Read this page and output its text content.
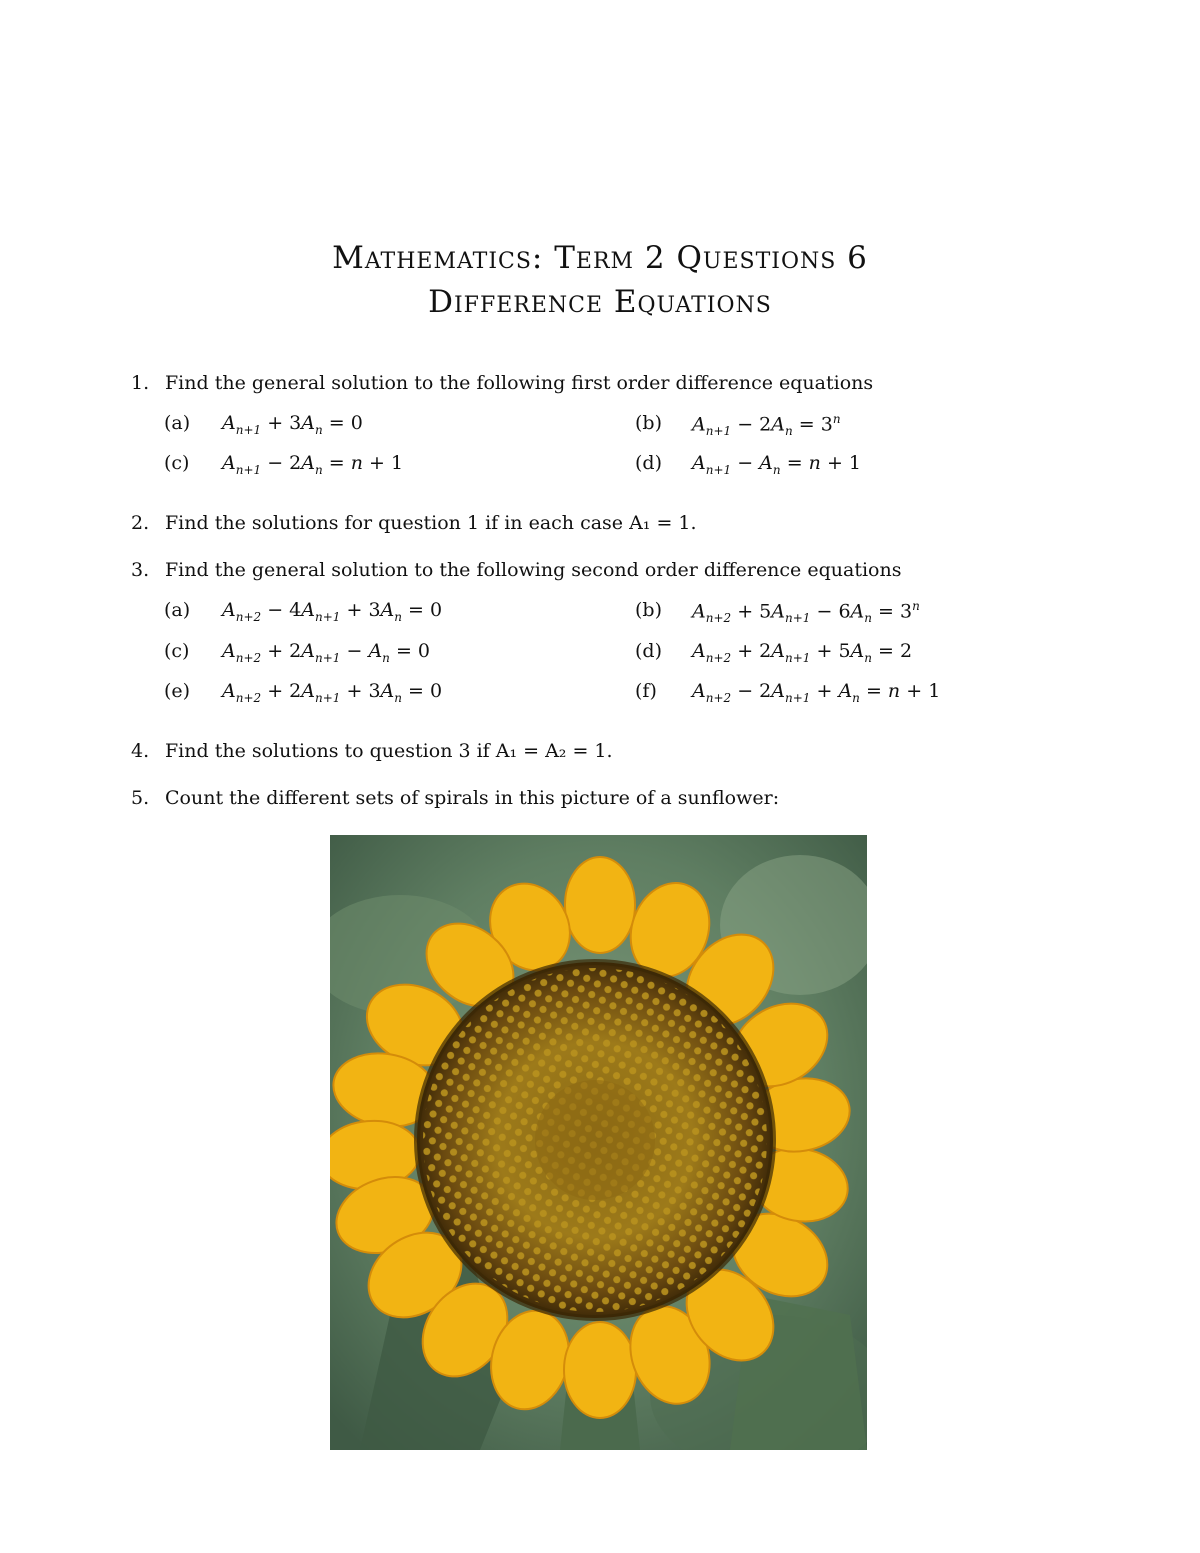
Mathematics: Term 2 Questions 6
Difference Equations
1. Find the general solution to the following first order difference equations
(a) $A_{n+1} + 3A_n = 0$	(b) $A_{n+1} - 2A_n = 3^n$
(c) $A_{n+1} - 2A_n = n + 1$	(d) $A_{n+1} - A_n = n + 1$
2. Find the solutions for question 1 if in each case A₁ = 1.
3. Find the general solution to the following second order difference equations
(a) $A_{n+2} - 4A_{n+1} + 3A_n = 0$	(b) $A_{n+2} + 5A_{n+1} - 6A_n = 3^n$
(c) $A_{n+2} + 2A_{n+1} - A_n = 0$	(d) $A_{n+2} + 2A_{n+1} + 5A_n = 2$
(e) $A_{n+2} + 2A_{n+1} + 3A_n = 0$	(f) $A_{n+2} - 2A_{n+1} + A_n = n + 1$
4. Find the solutions to question 3 if A₁ = A₂ = 1.
5. Count the different sets of spirals in this picture of a sunflower:
